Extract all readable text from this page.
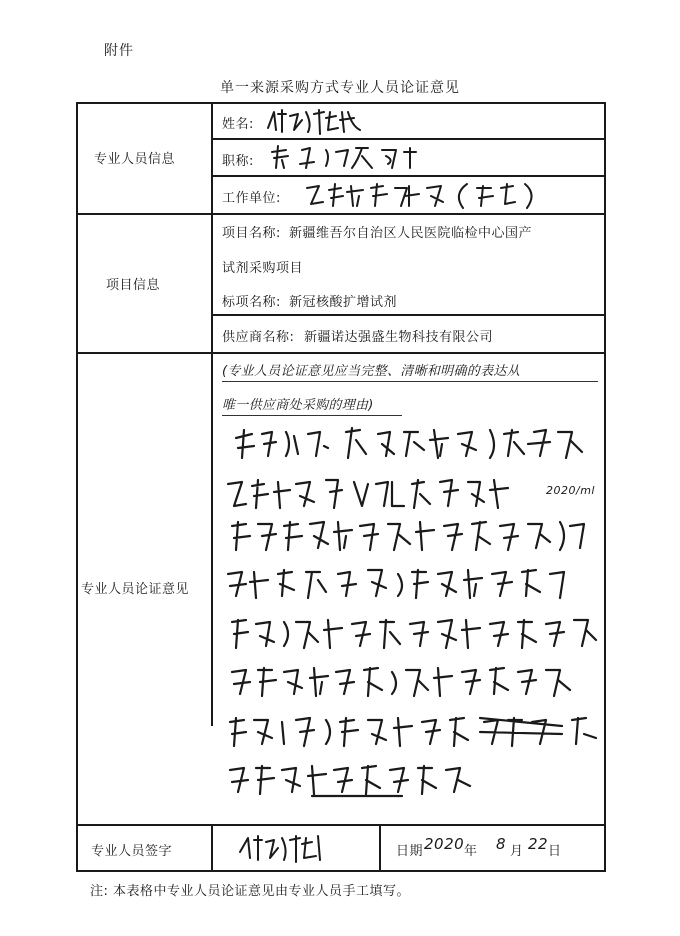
附件
单一来源采购方式专业人员论证意见
专业人员信息
项目信息
专业人员论证意见
专业人员签字
姓名:
职称:
工作单位:
项目名称: 新疆维吾尔自治区人民医院临检中心国产
试剂采购项目
标项名称: 新冠核酸扩增试剂
供应商名称: 新疆诺达强盛生物科技有限公司
(专业人员论证意见应当完整、清晰和明确的表达从
唯一供应商处采购的理由)
2020/ml
日期 2020 年 8 月 22 日
注: 本表格中专业人员论证意见由专业人员手工填写。
